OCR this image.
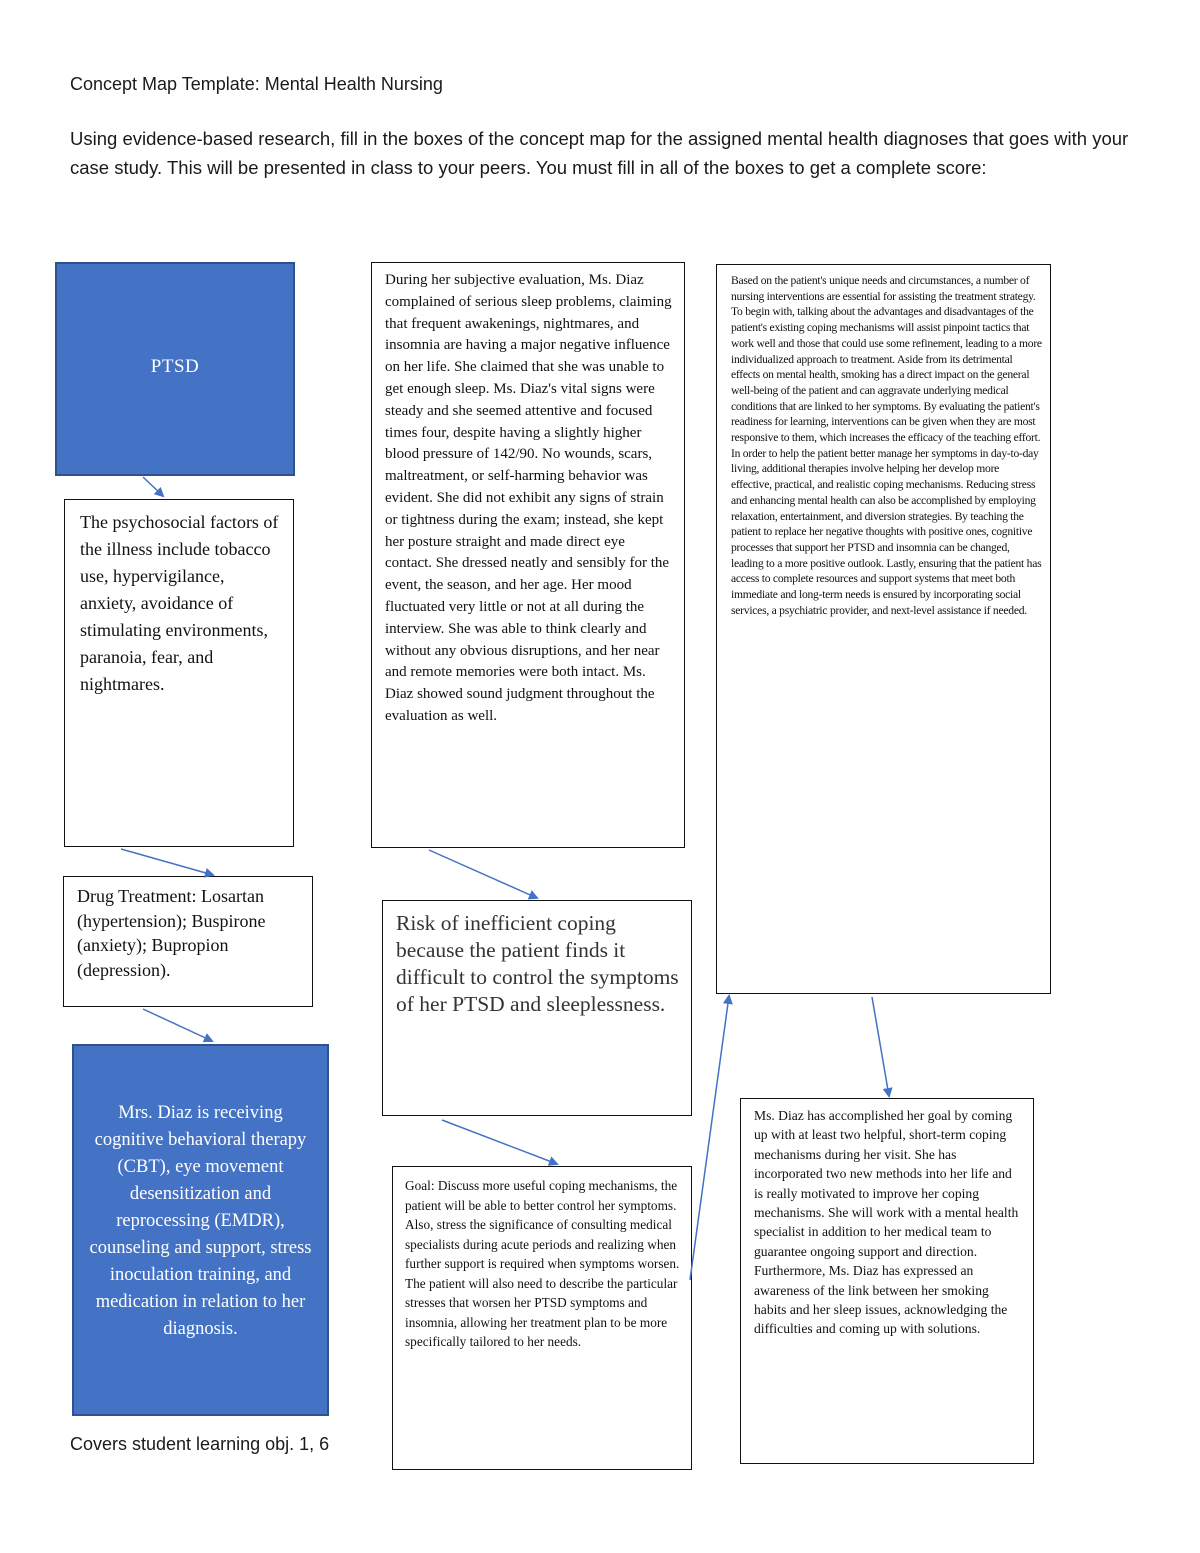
Concept Map Template: Mental Health Nursing
Using evidence-based research, fill in the boxes of the concept map for the assigned mental health diagnoses that goes with your case study. This will be presented in class to your peers. You must fill in all of the boxes to get a complete score:
PTSD
The psychosocial factors of the illness include tobacco use, hypervigilance, anxiety, avoidance of stimulating environments, paranoia, fear, and nightmares.
Drug Treatment: Losartan (hypertension); Buspirone (anxiety); Bupropion (depression).
Mrs. Diaz is receiving cognitive behavioral therapy (CBT), eye movement desensitization and reprocessing (EMDR), counseling and support, stress inoculation training, and medication in relation to her diagnosis.
During her subjective evaluation, Ms. Diaz complained of serious sleep problems, claiming that frequent awakenings, nightmares, and insomnia are having a major negative influence on her life. She claimed that she was unable to get enough sleep. Ms. Diaz's vital signs were steady and she seemed attentive and focused times four, despite having a slightly higher blood pressure of 142/90. No wounds, scars, maltreatment, or self-harming behavior was evident. She did not exhibit any signs of strain or tightness during the exam; instead, she kept her posture straight and made direct eye contact. She dressed neatly and sensibly for the event, the season, and her age. Her mood fluctuated very little or not at all during the interview. She was able to think clearly and without any obvious disruptions, and her near and remote memories were both intact. Ms. Diaz showed sound judgment throughout the evaluation as well.
Risk of inefficient coping because the patient finds it difficult to control the symptoms of her PTSD and sleeplessness.
Goal: Discuss more useful coping mechanisms, the patient will be able to better control her symptoms. Also, stress the significance of consulting medical specialists during acute periods and realizing when further support is required when symptoms worsen. The patient will also need to describe the particular stresses that worsen her PTSD symptoms and insomnia, allowing her treatment plan to be more specifically tailored to her needs.
Based on the patient's unique needs and circumstances, a number of nursing interventions are essential for assisting the treatment strategy. To begin with, talking about the advantages and disadvantages of the patient's existing coping mechanisms will assist pinpoint tactics that work well and those that could use some refinement, leading to a more individualized approach to treatment. Aside from its detrimental effects on mental health, smoking has a direct impact on the general well-being of the patient and can aggravate underlying medical conditions that are linked to her symptoms. By evaluating the patient's readiness for learning, interventions can be given when they are most responsive to them, which increases the efficacy of the teaching effort. In order to help the patient better manage her symptoms in day-to-day living, additional therapies involve helping her develop more effective, practical, and realistic coping mechanisms. Reducing stress and enhancing mental health can also be accomplished by employing relaxation, entertainment, and diversion strategies. By teaching the patient to replace her negative thoughts with positive ones, cognitive processes that support her PTSD and insomnia can be changed, leading to a more positive outlook. Lastly, ensuring that the patient has access to complete resources and support systems that meet both immediate and long-term needs is ensured by incorporating social services, a psychiatric provider, and next-level assistance if needed.
Ms. Diaz has accomplished her goal by coming up with at least two helpful, short-term coping mechanisms during her visit. She has incorporated two new methods into her life and is really motivated to improve her coping mechanisms. She will work with a mental health specialist in addition to her medical team to guarantee ongoing support and direction. Furthermore, Ms. Diaz has expressed an awareness of the link between her smoking habits and her sleep issues, acknowledging the difficulties and coming up with solutions.
Covers student learning obj. 1, 6
